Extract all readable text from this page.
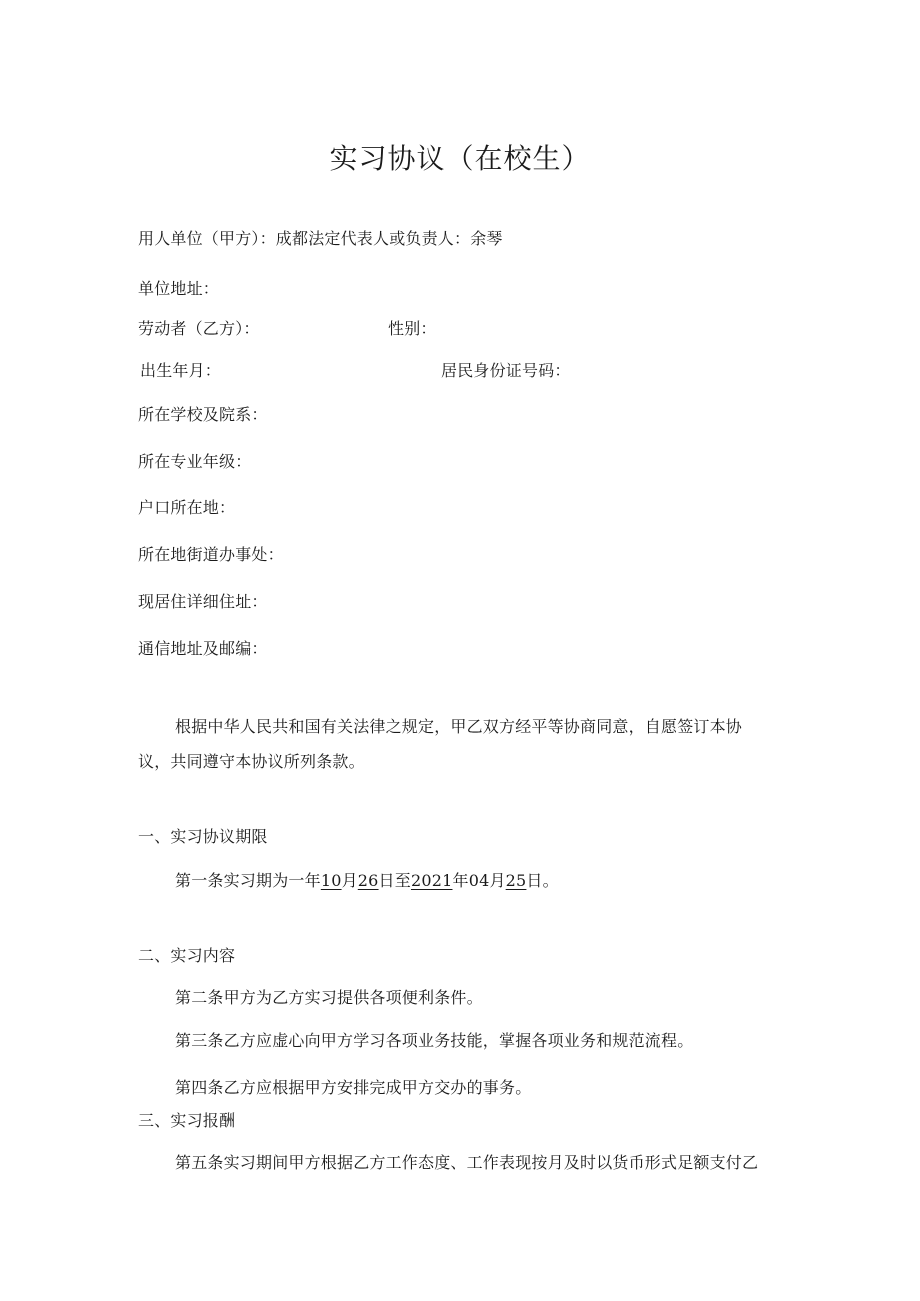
实习协议（在校生）
用人单位（甲方）：成都法定代表人或负责人：余琴
单位地址：
劳动者（乙方）：	性别：
出生年月：	居民身份证号码：
所在学校及院系：
所在专业年级：
户口所在地：
所在地街道办事处：
现居住详细住址：
通信地址及邮编：
根据中华人民共和国有关法律之规定，甲乙双方经平等协商同意，自愿签订本协
议，共同遵守本协议所列条款。
一、实习协议期限
第一条实习期为一年10月26日至2021年04月25日。
二、实习内容
第二条甲方为乙方实习提供各项便利条件。
第三条乙方应虚心向甲方学习各项业务技能，掌握各项业务和规范流程。
第四条乙方应根据甲方安排完成甲方交办的事务。
三、实习报酬
第五条实习期间甲方根据乙方工作态度、工作表现按月及时以货币形式足额支付乙
